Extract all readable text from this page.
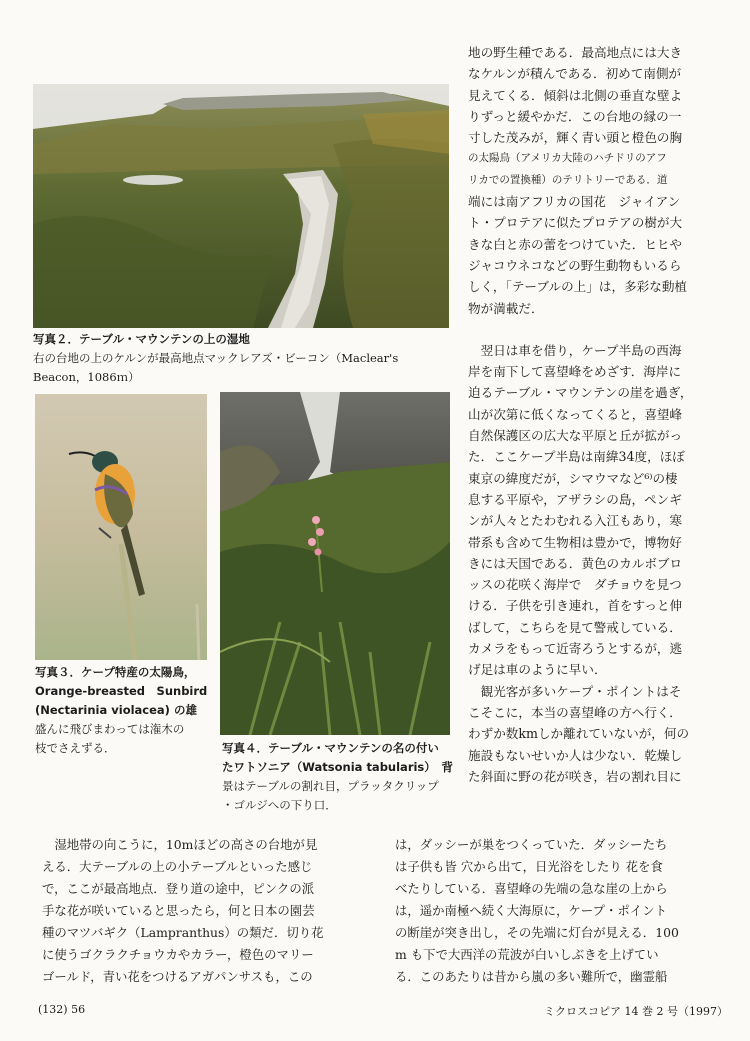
写真２．テーブル・マウンテンの上の湿地
右の台地の上のケルンが最高地点マックレアズ・ビーコン（Maclear's
Beacon，1086ｍ）
写真３．ケープ特産の太陽鳥，
Orange-breasted　Sunbird
(Nectarinia violacea) の雄
盛んに飛びまわっては潅木の
枝でさえずる．	写真４．テーブル・マウンテンの名の付い
たワトソニア（Watsonia tabularis）　背
景はテーブルの割れ目，プラッタクリップ
・ゴルジへの下り口．
地の野生種である．最高地点には大き
なケルンが積んである．初めて南側が
見えてくる．傾斜は北側の垂直な壁よ
りずっと緩やかだ．この台地の縁の一
寸した茂みが，輝く青い頭と橙色の胸
の太陽鳥（アメリカ大陸のハチドリのアフ
リカでの置換種）のテリトリーである．道
端には南アフリカの国花　ジャイアン
ト・プロテアに似たプロテアの樹が大
きな白と赤の蕾をつけていた．ヒヒや
ジャコウネコなどの野生動物もいるら
しく，「テーブルの上」は，多彩な動植
物が満載だ．
　翌日は車を借り，ケープ半島の西海
岸を南下して喜望峰をめざす．海岸に
迫るテーブル・マウンテンの崖を過ぎ，
山が次第に低くなってくると，喜望峰
自然保護区の広大な平原と丘が拡がっ
た．ここケープ半島は南緯34度，ほぼ
東京の緯度だが，シマウマなど⁶⁾の棲
息する平原や，アザラシの島，ペンギ
ンが人々とたわむれる入江もあり，寒
帯系も含めて生物相は豊かで，博物好
きには天国である．黄色のカルボブロ
ッスの花咲く海岸で　ダチョウを見つ
ける．子供を引き連れ，首をすっと伸
ばして，こちらを見て警戒している．
カメラをもって近寄ろうとするが，逃
げ足は車のように早い．
　観光客が多いケープ・ポイントはそ
こそこに，本当の喜望峰の方へ行く．
わずか数kmしか離れていないが，何の
施設もないせいか人は少ない．乾燥し
た斜面に野の花が咲き，岩の割れ目に
　湿地帯の向こうに，10mほどの高さの台地が見
える．大テーブルの上の小テーブルといった感じ
で，ここが最高地点．登り道の途中，ピンクの派
手な花が咲いていると思ったら，何と日本の園芸
種のマツバギク（Lampranthus）の類だ．切り花
に使うゴクラクチョウカやカラー，橙色のマリー
ゴールド，青い花をつけるアガパンサスも，この
は，ダッシーが巣をつくっていた．ダッシーたち
は子供も皆 穴から出て，日光浴をしたり 花を食
べたりしている．喜望峰の先端の急な崖の上から
は，遥か南極へ続く大海原に，ケープ・ポイント
の断崖が突き出し，その先端に灯台が見える．100
m も下で大西洋の荒波が白いしぶきを上げてい
る．このあたりは昔から嵐の多い難所で，幽霊船
(132) 56	ミクロスコピア 14 巻 2 号（1997）
